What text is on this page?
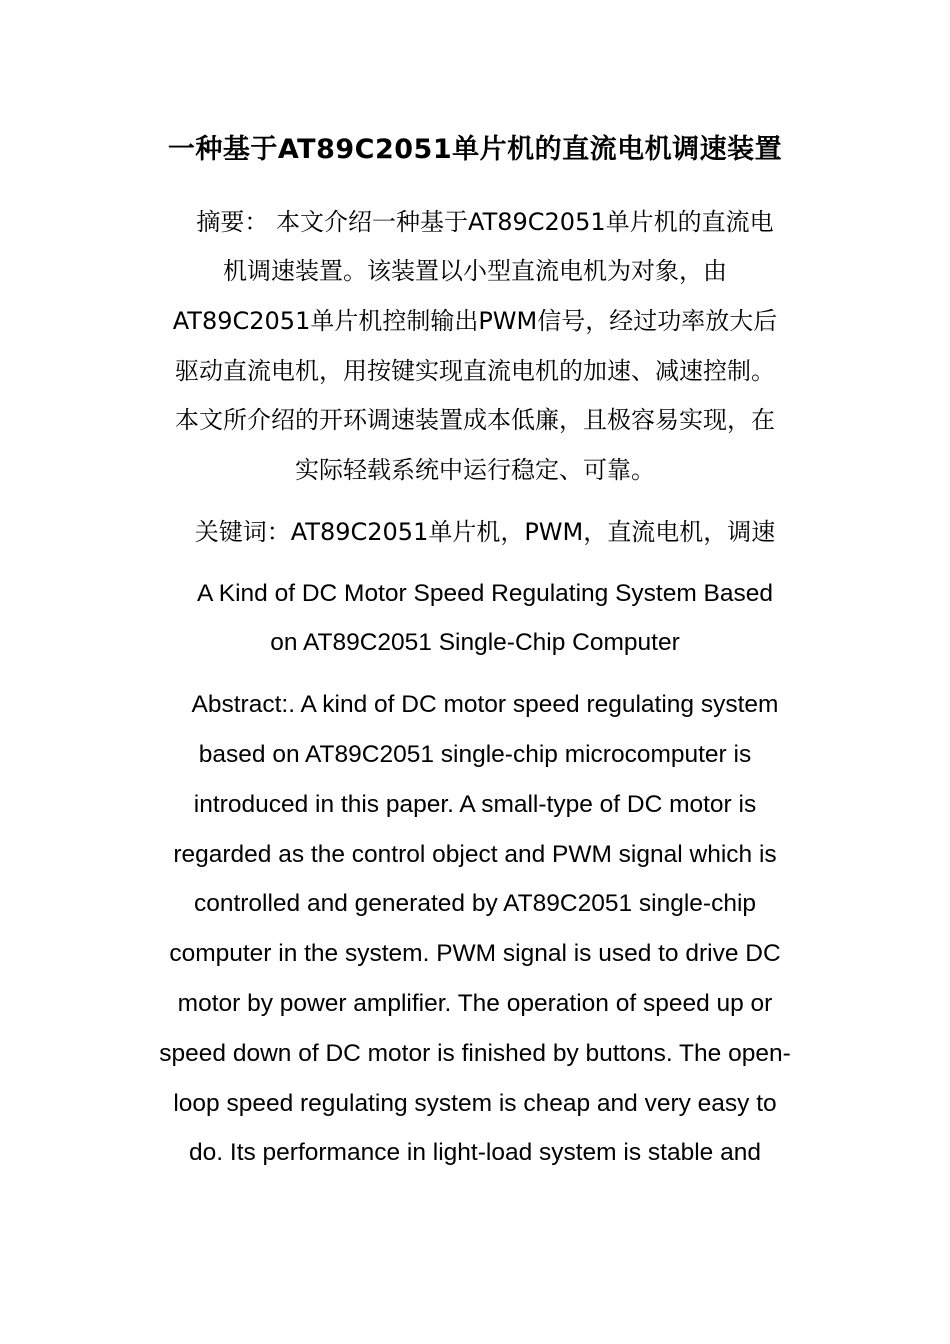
一种基于AT89C2051单片机的直流电机调速装置
摘要： 本文介绍一种基于AT89C2051单片机的直流电
机调速装置。该装置以小型直流电机为对象，由
AT89C2051单片机控制输出PWM信号，经过功率放大后
驱动直流电机，用按键实现直流电机的加速、减速控制。
本文所介绍的开环调速装置成本低廉，且极容易实现，在
实际轻载系统中运行稳定、可靠。
关键词：AT89C2051单片机，PWM，直流电机，调速
A Kind of DC Motor Speed Regulating System Based
on AT89C2051 Single-Chip Computer
Abstract:. A kind of DC motor speed regulating system
based on AT89C2051 single-chip microcomputer is
introduced in this paper. A small-type of DC motor is
regarded as the control object and PWM signal which is
controlled and generated by AT89C2051 single-chip
computer in the system. PWM signal is used to drive DC
motor by power amplifier. The operation of speed up or
speed down of DC motor is finished by buttons. The open-
loop speed regulating system is cheap and very easy to
do. Its performance in light-load system is stable and
